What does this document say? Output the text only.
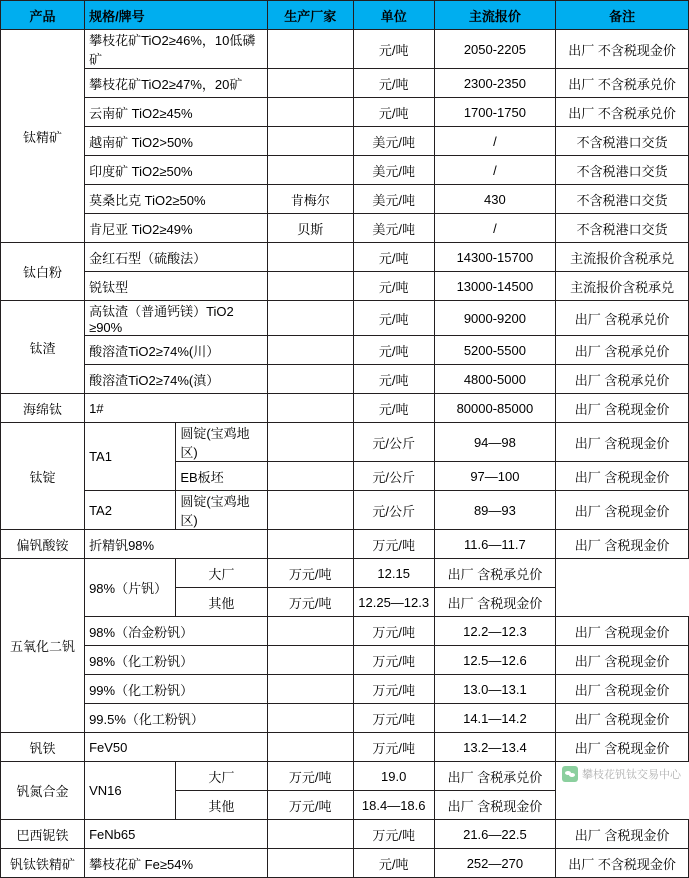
产品	规格/牌号		生产厂家	单位	主流报价	备注
钛精矿	攀枝花矿TiO2≥46%，10低磷矿			元/吨	2050-2205	出厂 不含税现金价
	攀枝花矿TiO2≥47%，20矿			元/吨	2300-2350	出厂 不含税承兑价
	云南矿 TiO2≥45%			元/吨	1700-1750	出厂 不含税承兑价
	越南矿 TiO2>50%			美元/吨	/	不含税港口交货
	印度矿 TiO2≥50%			美元/吨	/	不含税港口交货
	莫桑比克 TiO2≥50%		肯梅尔	美元/吨	430	不含税港口交货
	肯尼亚 TiO2≥49%		贝斯	美元/吨	/	不含税港口交货
钛白粉	金红石型（硫酸法）			元/吨	14300-15700	主流报价含税承兑
	锐钛型			元/吨	13000-14500	主流报价含税承兑
钛渣	高钛渣（普通钙镁）TiO2 ≥90%			元/吨	9000-9200	出厂 含税承兑价
	酸溶渣TiO2≥74%(川）			元/吨	5200-5500	出厂 含税承兑价
	酸溶渣TiO2≥74%(滇）			元/吨	4800-5000	出厂 含税承兑价
海绵钛	1#			元/吨	80000-85000	出厂 含税现金价
钛锭	TA1	圆锭(宝鸡地区)		元/公斤	94—98	出厂 含税现金价
		EB板坯		元/公斤	97—100	出厂 含税现金价
	TA2	圆锭(宝鸡地区)		元/公斤	89—93	出厂 含税现金价
偏钒酸铵	折精钒98%			万元/吨	11.6—11.7	出厂 含税现金价
五氧化二钒	98%（片钒）	大厂	万元/吨	12.15	出厂 含税承兑价	
		其他	万元/吨	12.25—12.3	出厂 含税现金价	
	98%（冶金粉钒）			万元/吨	12.2—12.3	出厂 含税现金价
	98%（化工粉钒）			万元/吨	12.5—12.6	出厂 含税现金价
	99%（化工粉钒）			万元/吨	13.0—13.1	出厂 含税现金价
	99.5%（化工粉钒）			万元/吨	14.1—14.2	出厂 含税现金价
钒铁	FeV50			万元/吨	13.2—13.4	出厂 含税现金价
钒氮合金	VN16	大厂	万元/吨	19.0	出厂 含税承兑价	
		其他	万元/吨	18.4—18.6	出厂 含税现金价	
巴西铌铁	FeNb65			万元/吨	21.6—22.5	出厂 含税现金价
钒钛铁精矿	攀枝花矿 Fe≥54%			元/吨	252—270	出厂 不含税现金价
攀枝花钒钛交易中心
